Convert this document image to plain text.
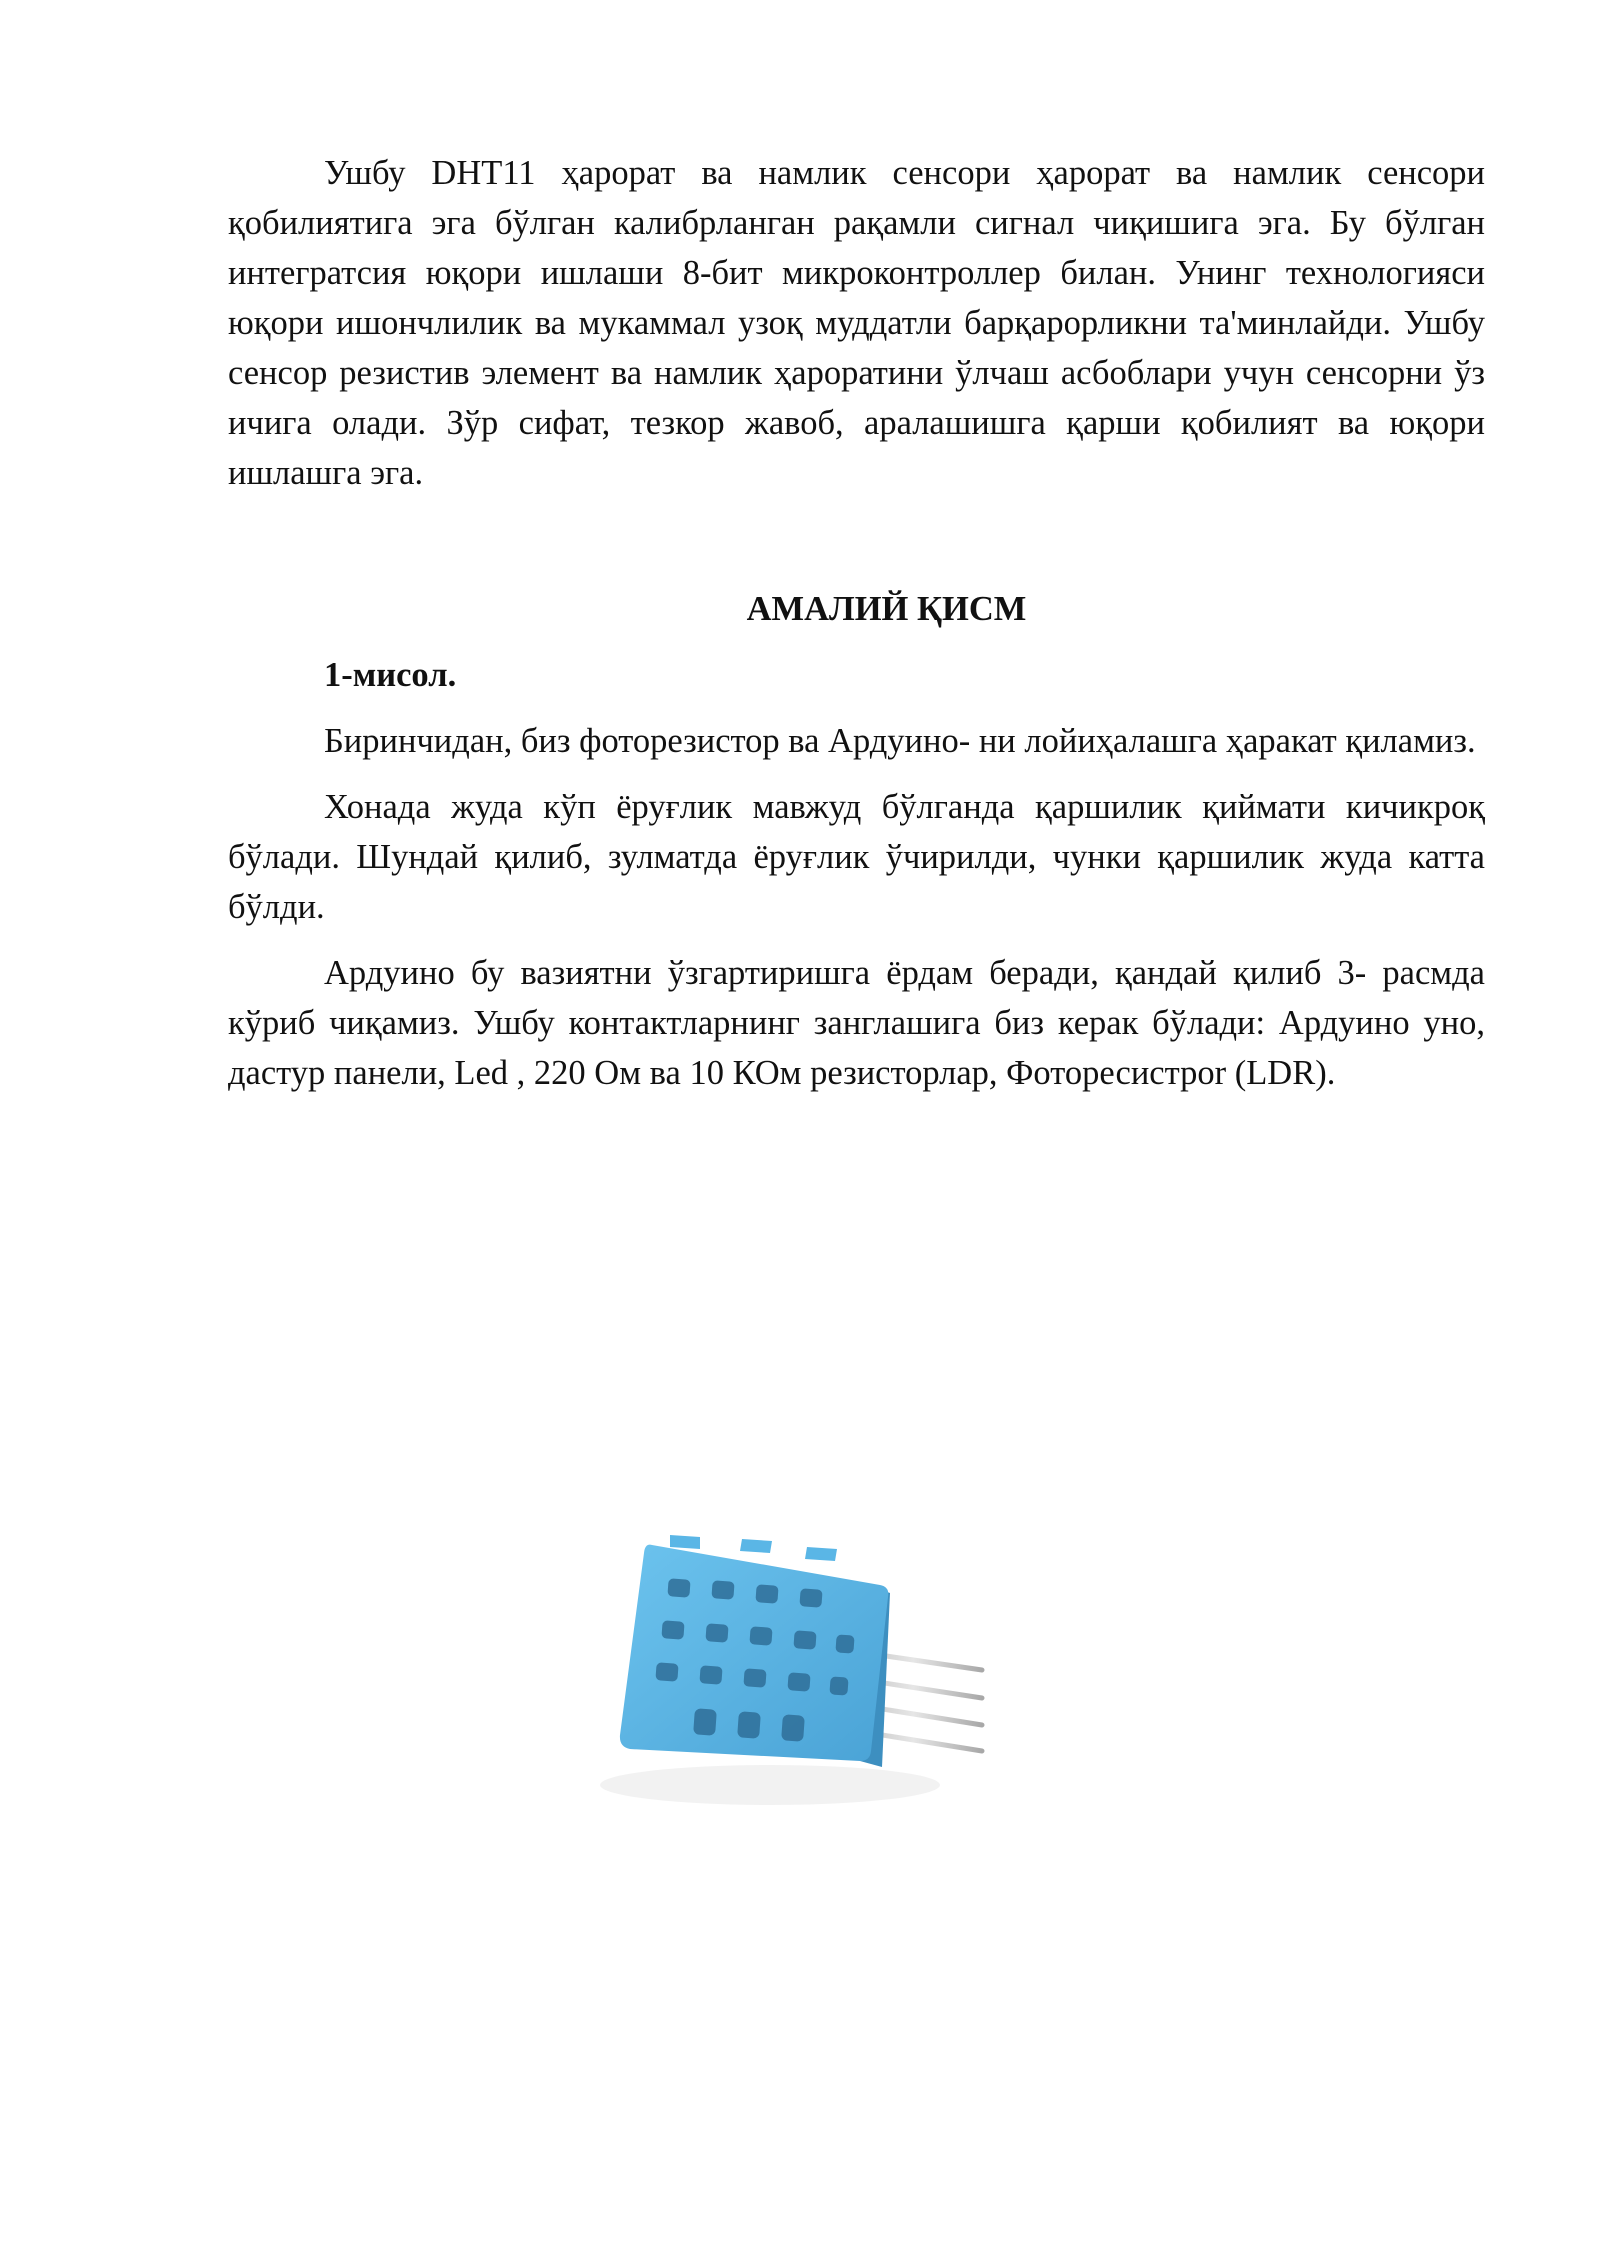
Ушбу DHT11 ҳарорат ва намлик сенсори ҳарорат ва намлик сенсори қобилиятига эга бўлган калибрланган рақамли сигнал чиқишига эга. Бу бўлган интегратсия юқори ишлаши 8-бит микроконтроллер билан. Унинг технологияси юқори ишончлилик ва мукаммал узоқ муддатли барқарорликни та'минлайди. Ушбу сенсор резистив элемент ва намлик ҳароратини ўлчаш асбоблари учун сенсорни ўз ичига олади. Зўр сифат, тезкор жавоб, аралашишга қарши қобилият ва юқори ишлашга эга.

АМАЛИЙ ҚИСМ

1-мисол.

Биринчидан, биз фоторезистор ва Ардуино- ни лойиҳалашга ҳаракат қиламиз.

Хонада жуда кўп ёруғлик мавжуд бўлганда қаршилик қиймати кичикроқ бўлади. Шундай қилиб, зулматда ёруғлик ўчирилди, чунки қаршилик жуда катта бўлди.

Ардуино бу вазиятни ўзгартиришга ёрдам беради, қандай қилиб 3- расмда кўриб чиқамиз. Ушбу контактларнинг занглашига биз керак бўлади: Ардуино уно, дастур панели, Led , 220 Ом ва 10 КОм резисторлар, Фоторесистрor (LDR).
